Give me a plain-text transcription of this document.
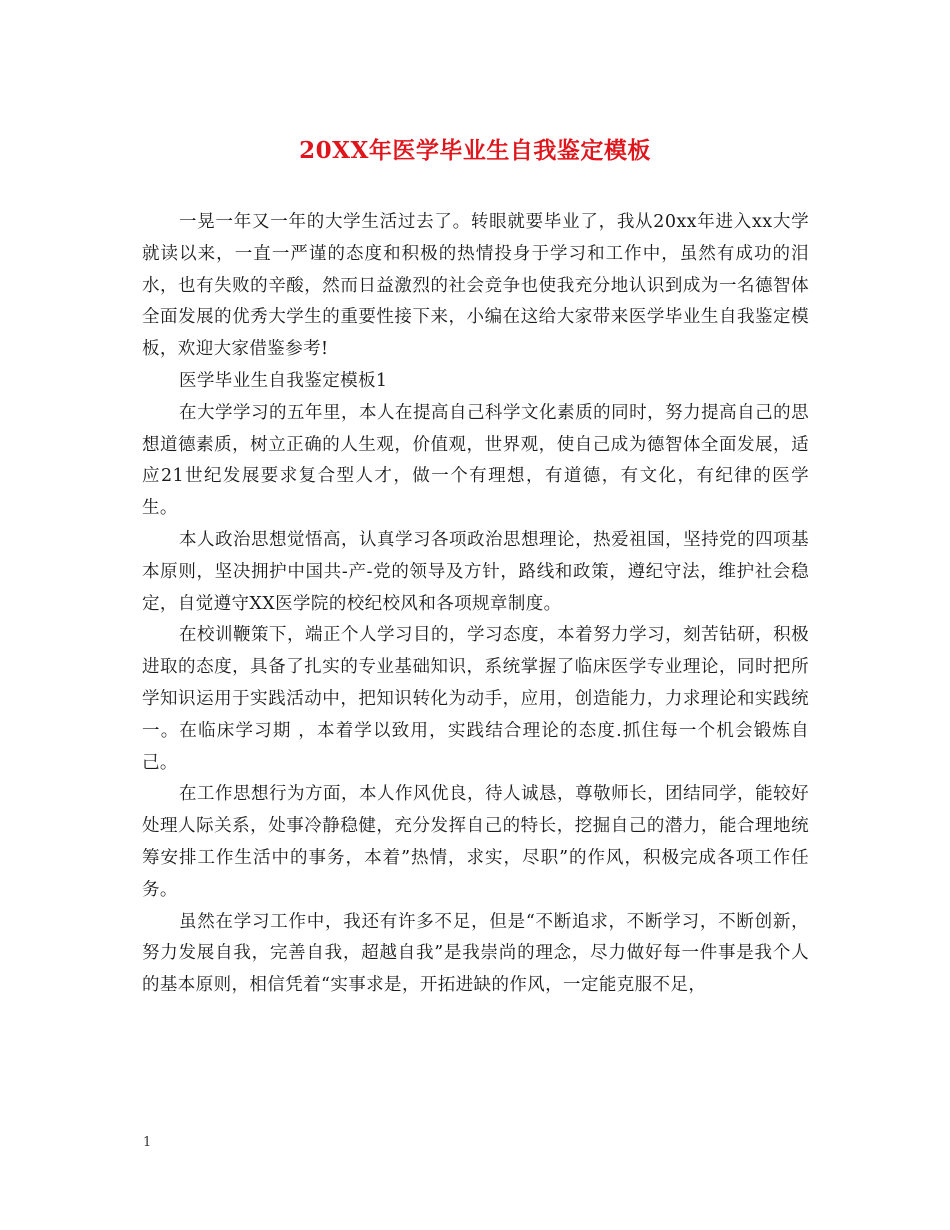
20XX年医学毕业生自我鉴定模板

一晃一年又一年的大学生活过去了。转眼就要毕业了，我从20xx年进入xx大学就读以来，一直一严谨的态度和积极的热情投身于学习和工作中，虽然有成功的泪水，也有失败的辛酸，然而日益激烈的社会竞争也使我充分地认识到成为一名德智体全面发展的优秀大学生的重要性接下来，小编在这给大家带来医学毕业生自我鉴定模板，欢迎大家借鉴参考!

医学毕业生自我鉴定模板1

在大学学习的五年里，本人在提高自己科学文化素质的同时，努力提高自己的思想道德素质，树立正确的人生观，价值观，世界观，使自己成为德智体全面发展，适应21世纪发展要求复合型人才，做一个有理想，有道德，有文化，有纪律的医学生。

本人政治思想觉悟高，认真学习各项政治思想理论，热爱祖国，坚持党的四项基本原则，坚决拥护中国共-产-党的领导及方针，路线和政策，遵纪守法，维护社会稳定，自觉遵守XX医学院的校纪校风和各项规章制度。

在校训鞭策下，端正个人学习目的，学习态度，本着努力学习，刻苦钻研，积极进取的态度，具备了扎实的专业基础知识，系统掌握了临床医学专业理论，同时把所学知识运用于实践活动中，把知识转化为动手，应用，创造能力，力求理论和实践统一。在临床学习期 ，本着学以致用，实践结合理论的态度.抓住每一个机会锻炼自己。

在工作思想行为方面，本人作风优良，待人诚恳，尊敬师长，团结同学，能较好处理人际关系，处事冷静稳健，充分发挥自己的特长，挖掘自己的潜力，能合理地统筹安排工作生活中的事务，本着”热情，求实，尽职”的作风，积极完成各项工作任务。

虽然在学习工作中，我还有许多不足，但是“不断追求，不断学习，不断创新，努力发展自我，完善自我，超越自我”是我崇尚的理念，尽力做好每一件事是我个人的基本原则，相信凭着“实事求是，开拓进缺的作风，一定能克服不足，

1
